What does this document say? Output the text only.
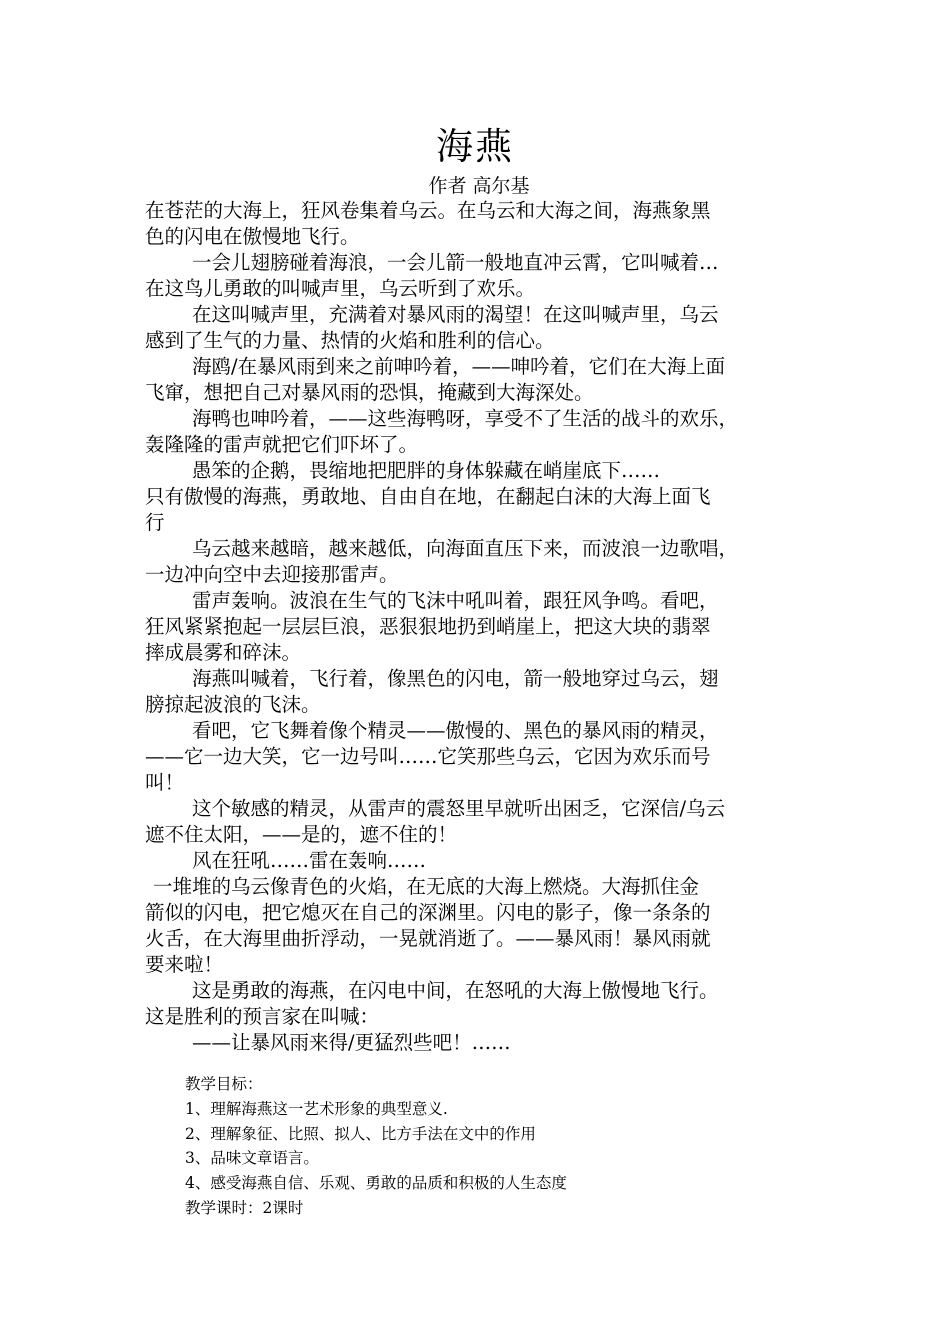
海燕
作者 高尔基
在苍茫的大海上，狂风卷集着乌云。在乌云和大海之间，海燕象黑
色的闪电在傲慢地飞行。
一会儿翅膀碰着海浪，一会儿箭一般地直冲云霄，它叫喊着…
在这鸟儿勇敢的叫喊声里，乌云听到了欢乐。
在这叫喊声里，充满着对暴风雨的渴望！在这叫喊声里，乌云
感到了生气的力量、热情的火焰和胜利的信心。
海鸥/在暴风雨到来之前呻吟着，——呻吟着，它们在大海上面
飞窜，想把自己对暴风雨的恐惧，掩藏到大海深处。
海鸭也呻吟着，——这些海鸭呀，享受不了生活的战斗的欢乐，
轰隆隆的雷声就把它们吓坏了。
愚笨的企鹅，畏缩地把肥胖的身体躲藏在峭崖底下……
只有傲慢的海燕，勇敢地、自由自在地，在翻起白沫的大海上面飞
行
乌云越来越暗，越来越低，向海面直压下来，而波浪一边歌唱，
一边冲向空中去迎接那雷声。
雷声轰响。波浪在生气的飞沫中吼叫着，跟狂风争鸣。看吧，
狂风紧紧抱起一层层巨浪，恶狠狠地扔到峭崖上，把这大块的翡翠
摔成晨雾和碎沫。
海燕叫喊着，飞行着，像黑色的闪电，箭一般地穿过乌云，翅
膀掠起波浪的飞沫。
看吧，它飞舞着像个精灵——傲慢的、黑色的暴风雨的精灵，
——它一边大笑，它一边号叫……它笑那些乌云，它因为欢乐而号
叫！
这个敏感的精灵，从雷声的震怒里早就听出困乏，它深信/乌云
遮不住太阳，——是的，遮不住的！
风在狂吼……雷在轰响……
一堆堆的乌云像青色的火焰，在无底的大海上燃烧。大海抓住金
箭似的闪电，把它熄灭在自己的深渊里。闪电的影子，像一条条的
火舌，在大海里曲折浮动，一晃就消逝了。——暴风雨！暴风雨就
要来啦！
这是勇敢的海燕，在闪电中间，在怒吼的大海上傲慢地飞行。
这是胜利的预言家在叫喊：
——让暴风雨来得/更猛烈些吧！……
教学目标：
1、理解海燕这一艺术形象的典型意义.
2、理解象征、比照、拟人、比方手法在文中的作用
3、品味文章语言。
4、感受海燕自信、乐观、勇敢的品质和积极的人生态度
教学课时：2课时
